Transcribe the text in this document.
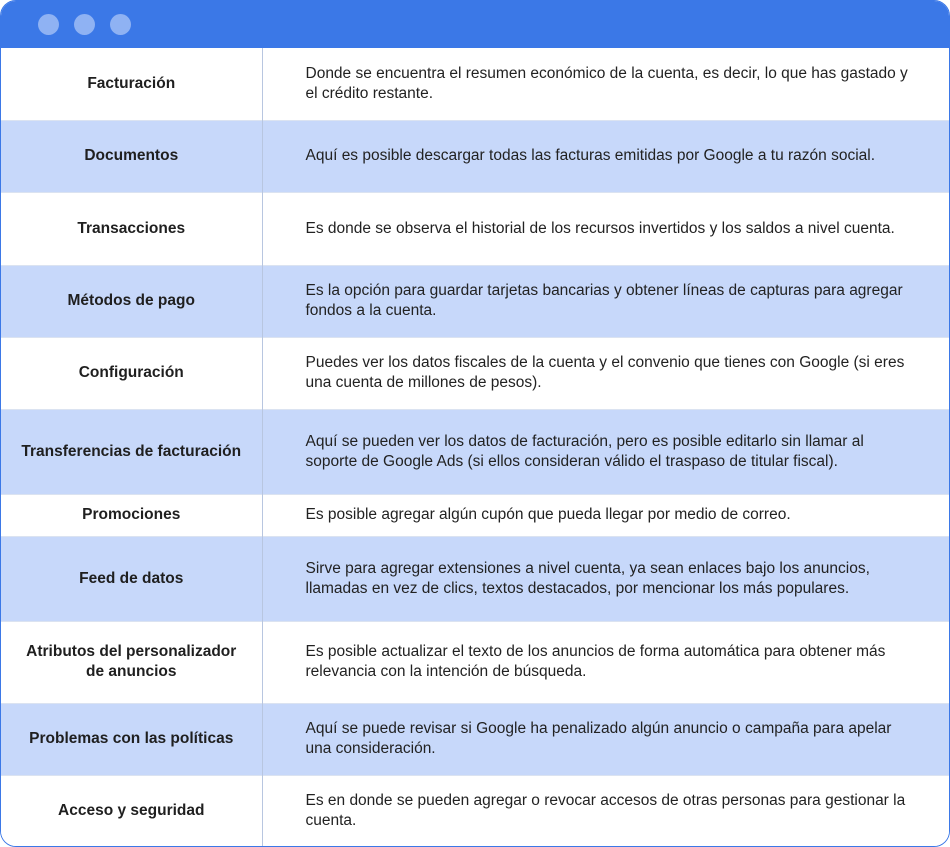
Facturación	Donde se encuentra el resumen económico de la cuenta, es decir, lo que has gastado y el crédito restante.
Documentos	Aquí es posible descargar todas las facturas emitidas por Google a tu razón social.
Transacciones	Es donde se observa el historial de los recursos invertidos y los saldos a nivel cuenta.
Métodos de pago	Es la opción para guardar tarjetas bancarias y obtener líneas de capturas para agregar fondos a la cuenta.
Configuración	Puedes ver los datos fiscales de la cuenta y el convenio que tienes con Google (si eres una cuenta de millones de pesos).
Transferencias de facturación	Aquí se pueden ver los datos de facturación, pero es posible editarlo sin llamar al soporte de Google Ads (si ellos consideran válido el traspaso de titular fiscal).
Promociones	Es posible agregar algún cupón que pueda llegar por medio de correo.
Feed de datos	Sirve para agregar extensiones a nivel cuenta, ya sean enlaces bajo los anuncios, llamadas en vez de clics, textos destacados, por mencionar los más populares.
Atributos del personalizador de anuncios	Es posible actualizar el texto de los anuncios de forma automática para obtener más relevancia con la intención de búsqueda.
Problemas con las políticas	Aquí se puede revisar si Google ha penalizado algún anuncio o campaña para apelar una consideración.
Acceso y seguridad	Es en donde se pueden agregar o revocar accesos de otras personas para gestionar la cuenta.
